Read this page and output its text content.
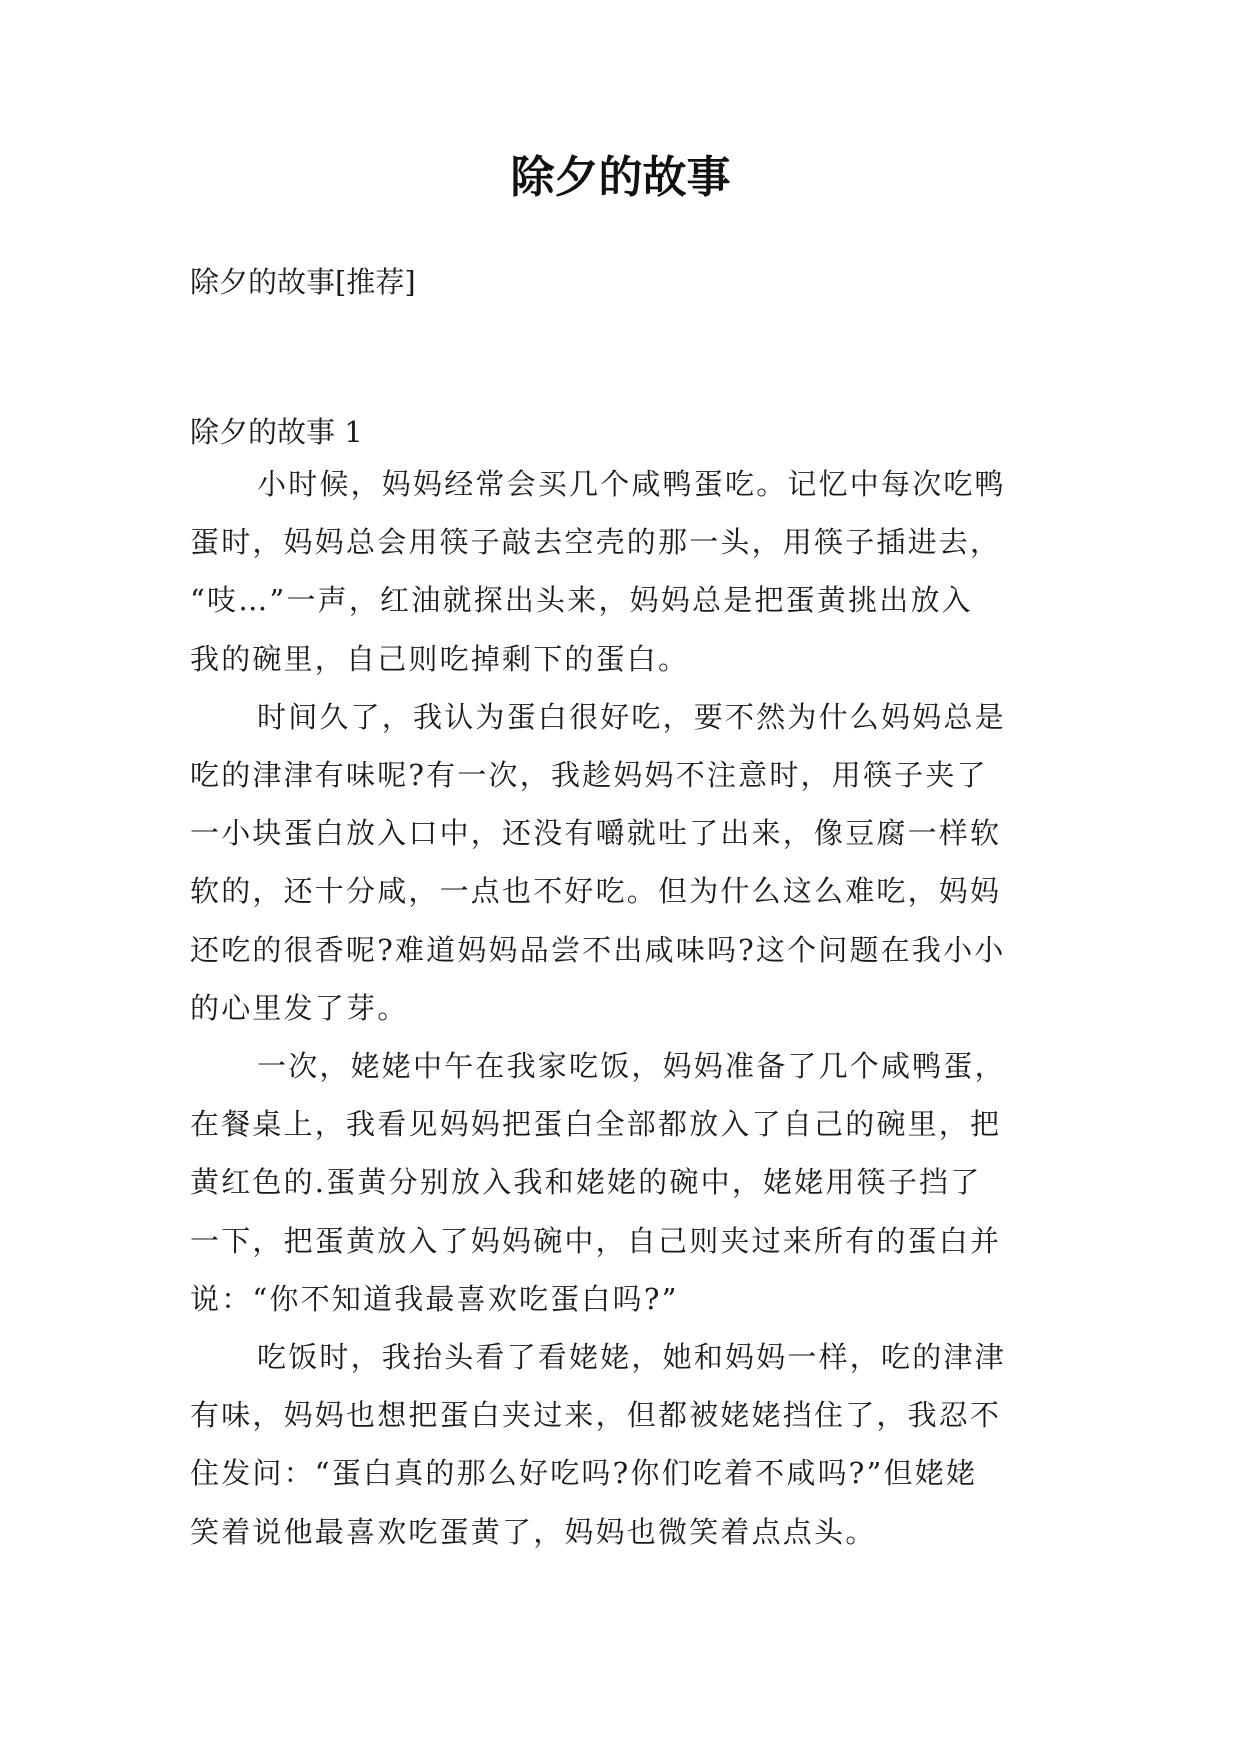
除夕的故事

除夕的故事[推荐]

除夕的故事 1

小时候，妈妈经常会买几个咸鸭蛋吃。记忆中每次吃鸭

蛋时，妈妈总会用筷子敲去空壳的那一头，用筷子插进去，

“吱…”一声，红油就探出头来，妈妈总是把蛋黄挑出放入

我的碗里，自己则吃掉剩下的蛋白。

时间久了，我认为蛋白很好吃，要不然为什么妈妈总是

吃的津津有味呢?有一次，我趁妈妈不注意时，用筷子夹了

一小块蛋白放入口中，还没有嚼就吐了出来，像豆腐一样软

软的，还十分咸，一点也不好吃。但为什么这么难吃，妈妈

还吃的很香呢?难道妈妈品尝不出咸味吗?这个问题在我小小

的心里发了芽。

一次，姥姥中午在我家吃饭，妈妈准备了几个咸鸭蛋，

在餐桌上，我看见妈妈把蛋白全部都放入了自己的碗里，把

黄红色的.蛋黄分别放入我和姥姥的碗中，姥姥用筷子挡了

一下，把蛋黄放入了妈妈碗中，自己则夹过来所有的蛋白并

说：“你不知道我最喜欢吃蛋白吗?”

吃饭时，我抬头看了看姥姥，她和妈妈一样，吃的津津

有味，妈妈也想把蛋白夹过来，但都被姥姥挡住了，我忍不

住发问：“蛋白真的那么好吃吗?你们吃着不咸吗?”但姥姥

笑着说他最喜欢吃蛋黄了，妈妈也微笑着点点头。
